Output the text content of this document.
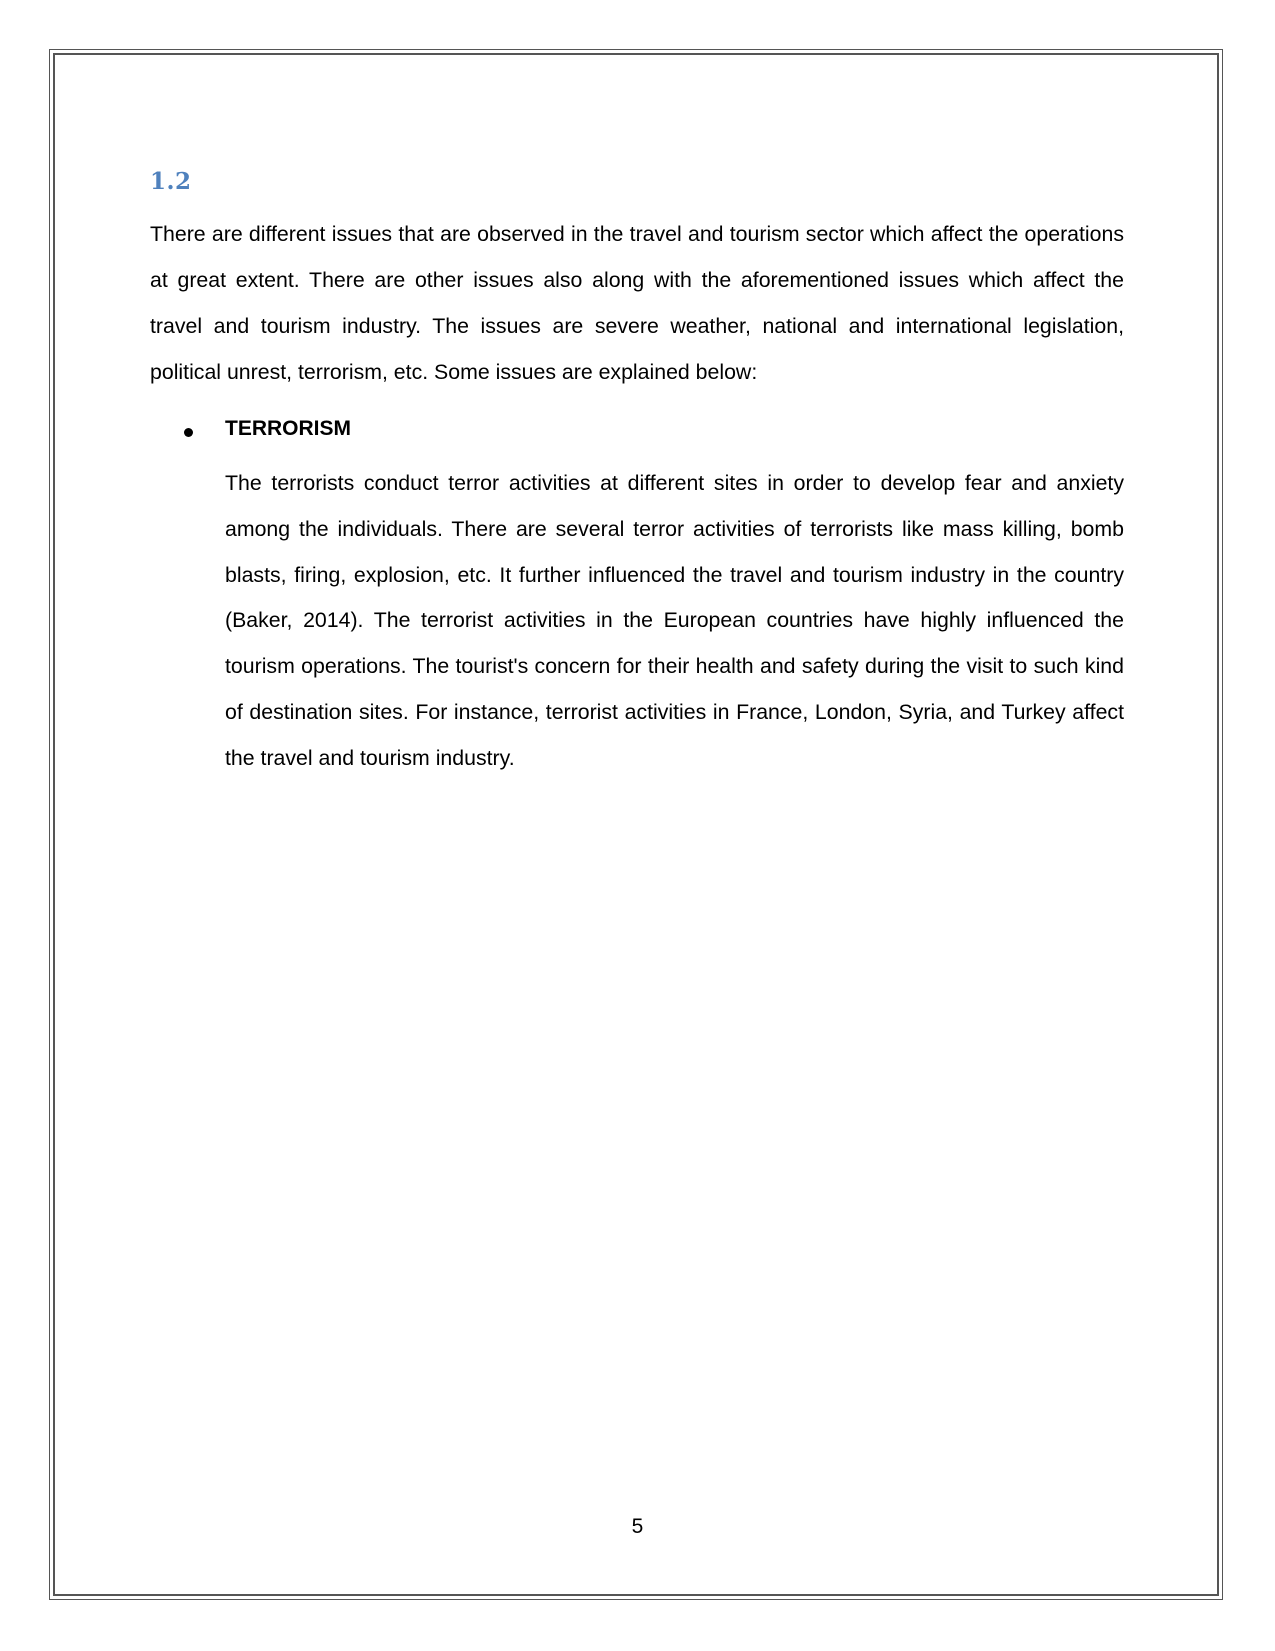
1.2

There are different issues that are observed in the travel and tourism sector which affect the operations at great extent. There are other issues also along with the aforementioned issues which affect the travel and tourism industry. The issues are severe weather, national and international legislation, political unrest, terrorism, etc. Some issues are explained below:

TERRORISM

The terrorists conduct terror activities at different sites in order to develop fear and anxiety among the individuals. There are several terror activities of terrorists like mass killing, bomb blasts, firing, explosion, etc. It further influenced the travel and tourism industry in the country (Baker, 2014). The terrorist activities in the European countries have highly influenced the tourism operations. The tourist's concern for their health and safety during the visit to such kind of destination sites. For instance, terrorist activities in France, London, Syria, and Turkey affect the travel and tourism industry.

5
